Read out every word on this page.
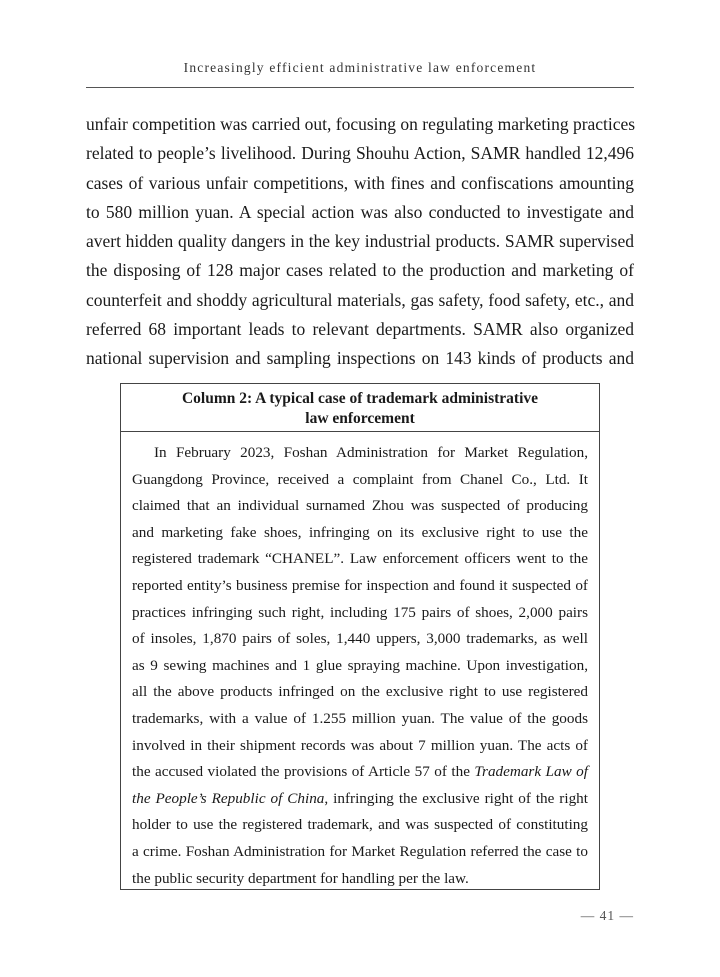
Increasingly efficient administrative law enforcement
unfair competition was carried out, focusing on regulating marketing practices
related to people’s livelihood. During Shouhu Action, SAMR handled 12,496
cases of various unfair competitions, with fines and confiscations amounting
to 580 million yuan. A special action was also conducted to investigate and
avert hidden quality dangers in the key industrial products. SAMR supervised
the disposing of 128 major cases related to the production and marketing of
counterfeit and shoddy agricultural materials, gas safety, food safety, etc., and
referred 68 important leads to relevant departments. SAMR also organized
national supervision and sampling inspections on 143 kinds of products and
Column 2: A typical case of trademark administrative
law enforcement
In February 2023, Foshan Administration for Market Regulation,
Guangdong Province, received a complaint from Chanel Co., Ltd. It
claimed that an individual surnamed Zhou was suspected of producing
and marketing fake shoes, infringing on its exclusive right to use the
registered trademark “CHANEL”. Law enforcement officers went to the
reported entity’s business premise for inspection and found it suspected of
practices infringing such right, including 175 pairs of shoes, 2,000 pairs
of insoles, 1,870 pairs of soles, 1,440 uppers, 3,000 trademarks, as well
as 9 sewing machines and 1 glue spraying machine. Upon investigation,
all the above products infringed on the exclusive right to use registered
trademarks, with a value of 1.255 million yuan. The value of the goods
involved in their shipment records was about 7 million yuan. The acts of
the accused violated the provisions of Article 57 of the Trademark Law of
the People’s Republic of China, infringing the exclusive right of the right
holder to use the registered trademark, and was suspected of constituting
a crime. Foshan Administration for Market Regulation referred the case to
the public security department for handling per the law.
— 41 —
